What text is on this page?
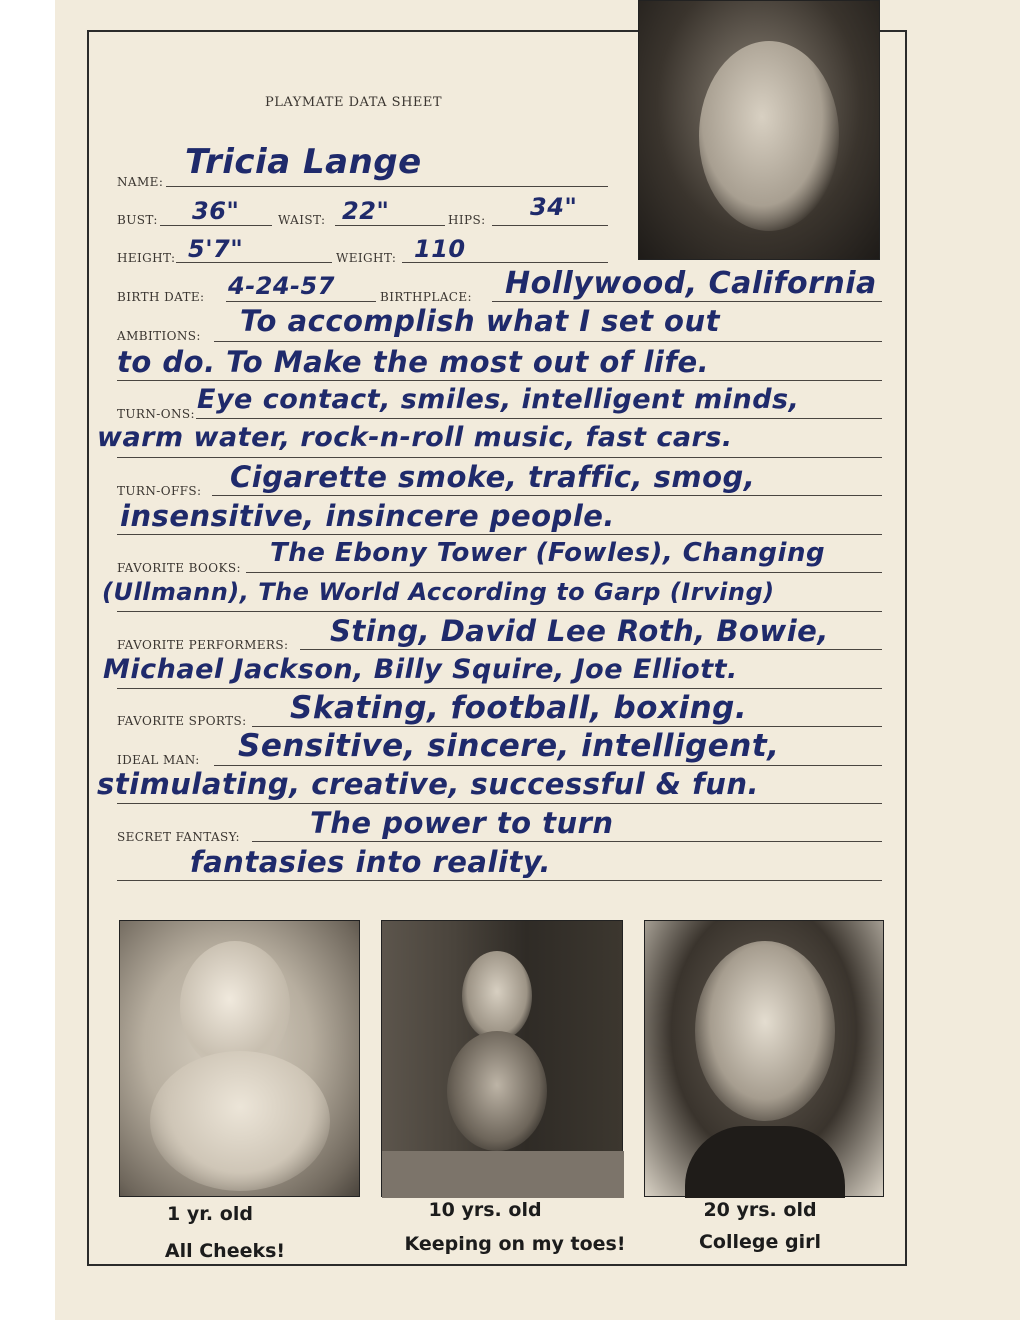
PLAYMATE DATA SHEET
NAME: Tricia Lange
BUST: 36"	WAIST: 22"	HIPS: 34"
HEIGHT: 5'7"	WEIGHT: 110
BIRTH DATE: 4-24-57	BIRTHPLACE: Hollywood, California
AMBITIONS: To accomplish what I set out
to do. To Make the most out of life.
TURN-ONS: Eye contact, smiles, intelligent minds,
warm water, rock-n-roll music, fast cars.
TURN-OFFS: Cigarette smoke, traffic, smog,
insensitive, insincere people.
FAVORITE BOOKS: The Ebony Tower (Fowles), Changing
(Ullmann), The World According to Garp (Irving)
FAVORITE PERFORMERS: Sting, David Lee Roth, Bowie,
Michael Jackson, Billy Squire, Joe Elliott.
FAVORITE SPORTS: Skating, football, boxing.
IDEAL MAN: Sensitive, sincere, intelligent,
stimulating, creative, successful & fun.
SECRET FANTASY: The power to turn
fantasies into reality.
1 yr. old
All Cheeks!
10 yrs. old
Keeping on my toes!
20 yrs. old
College girl
